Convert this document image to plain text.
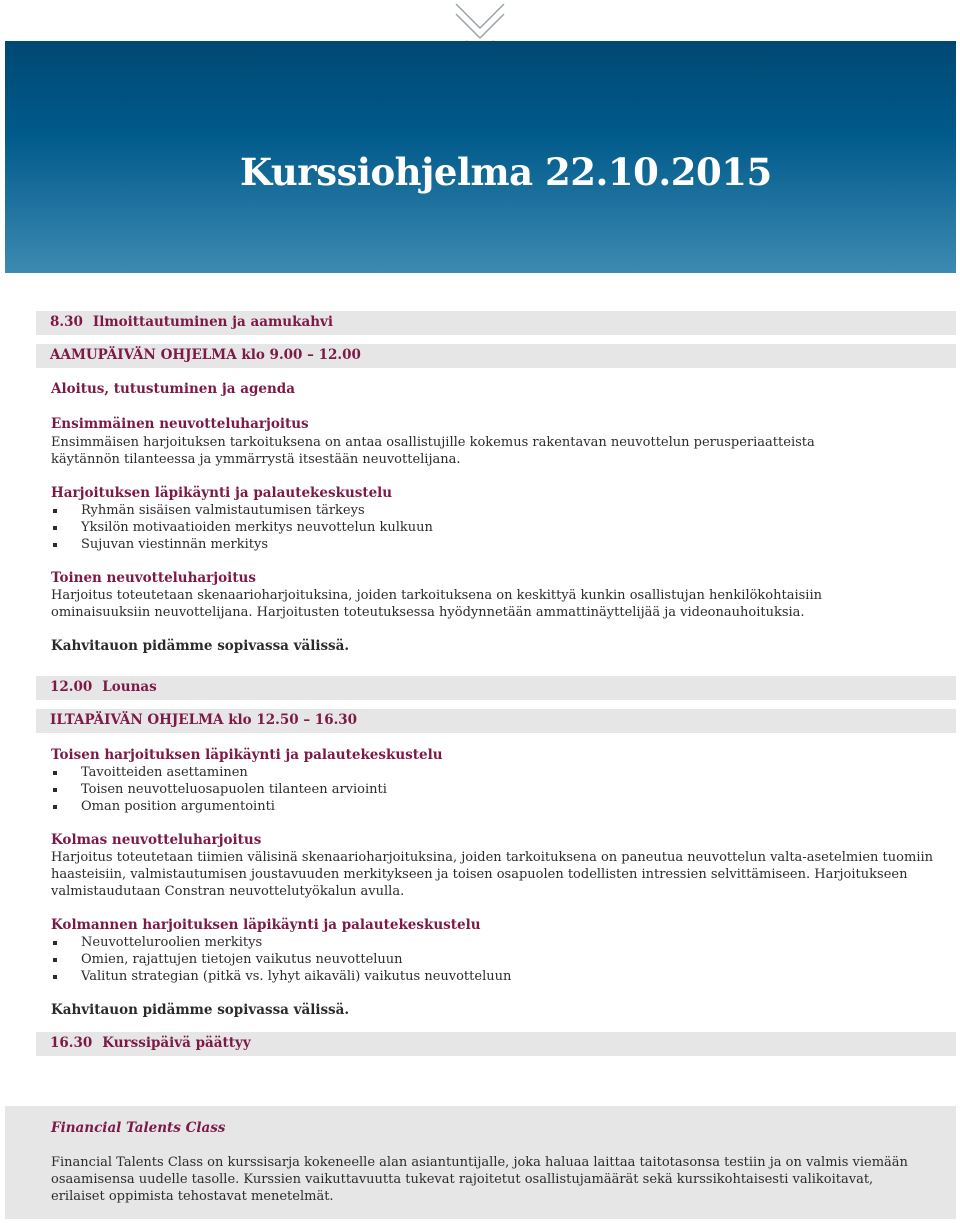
Kurssiohjelma 22.10.2015
8.30 Ilmoittautuminen ja aamukahvi
AAMUPÄIVÄN OHJELMA klo 9.00 – 12.00
Aloitus, tutustuminen ja agenda
Ensimmäinen neuvotteluharjoitus
Ensimmäisen harjoituksen tarkoituksena on antaa osallistujille kokemus rakentavan neuvottelun perusperiaatteista
käytännön tilanteessa ja ymmärrystä itsestään neuvottelijana.
Harjoituksen läpikäynti ja palautekeskustelu
Ryhmän sisäisen valmistautumisen tärkeys
Yksilön motivaatioiden merkitys neuvottelun kulkuun
Sujuvan viestinnän merkitys
Toinen neuvotteluharjoitus
Harjoitus toteutetaan skenaarioharjoituksina, joiden tarkoituksena on keskittyä kunkin osallistujan henkilökohtaisiin
ominaisuuksiin neuvottelijana. Harjoitusten toteutuksessa hyödynnetään ammattinäyttelijää ja videonauhoituksia.
Kahvitauon pidämme sopivassa välissä.
12.00 Lounas
ILTAPÄIVÄN OHJELMA klo 12.50 – 16.30
Toisen harjoituksen läpikäynti ja palautekeskustelu
Tavoitteiden asettaminen
Toisen neuvotteluosapuolen tilanteen arviointi
Oman position argumentointi
Kolmas neuvotteluharjoitus
Harjoitus toteutetaan tiimien välisinä skenaarioharjoituksina, joiden tarkoituksena on paneutua neuvottelun valta-asetelmien tuomiin
haasteisiin, valmistautumisen joustavuuden merkitykseen ja toisen osapuolen todellisten intressien selvittämiseen. Harjoitukseen
valmistaudutaan Constran neuvottelutyökalun avulla.
Kolmannen harjoituksen läpikäynti ja palautekeskustelu
Neuvotteluroolien merkitys
Omien, rajattujen tietojen vaikutus neuvotteluun
Valitun strategian (pitkä vs. lyhyt aikaväli) vaikutus neuvotteluun
Kahvitauon pidämme sopivassa välissä.
16.30 Kurssipäivä päättyy
Financial Talents Class
Financial Talents Class on kurssisarja kokeneelle alan asiantuntijalle, joka haluaa laittaa taitotasonsa testiin ja on valmis viemään osaamisensa uudelle tasolle. Kurssien vaikuttavuutta tukevat rajoitetut osallistujamäärät sekä kurssikohtaisesti valikoitavat, erilaiset oppimista tehostavat menetelmät.
